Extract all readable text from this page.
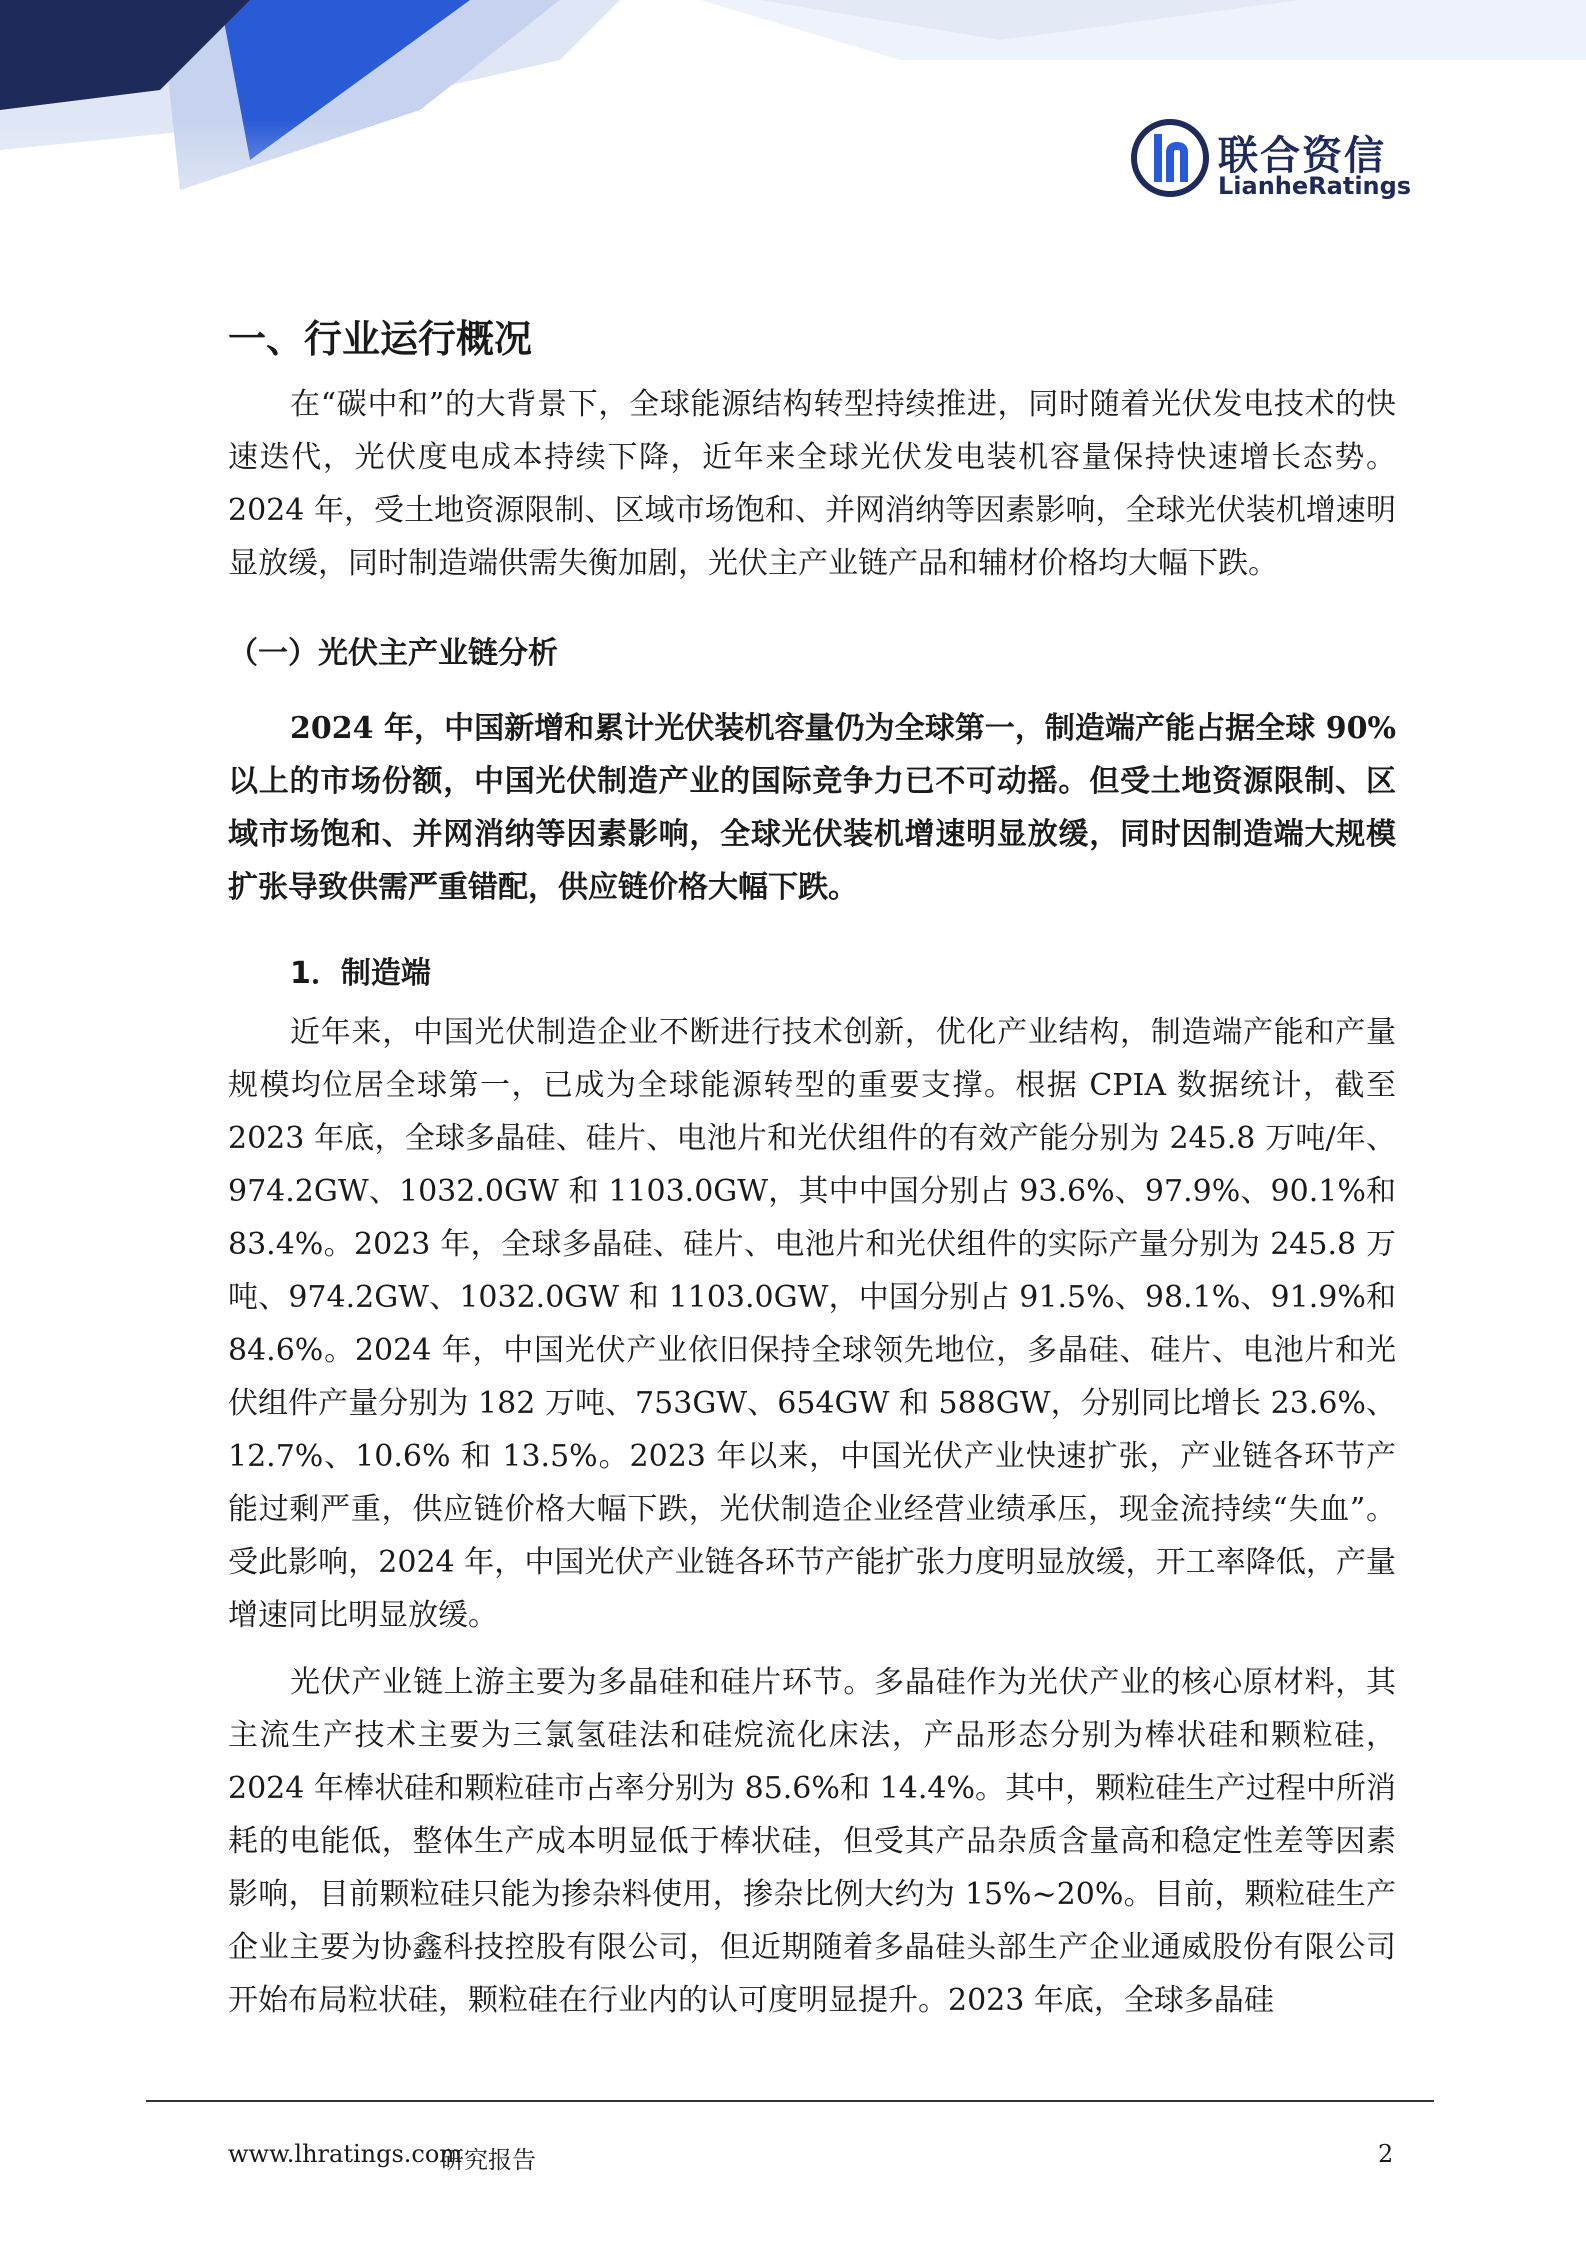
联合资信
LianheRatings
一、行业运行概况

在“碳中和”的大背景下，全球能源结构转型持续推进，同时随着光伏发电技术的快速迭代，光伏度电成本持续下降，近年来全球光伏发电装机容量保持快速增长态势。2024 年，受土地资源限制、区域市场饱和、并网消纳等因素影响，全球光伏装机增速明显放缓，同时制造端供需失衡加剧，光伏主产业链产品和辅材价格均大幅下跌。

（一）光伏主产业链分析

2024 年，中国新增和累计光伏装机容量仍为全球第一，制造端产能占据全球 90% 以上的市场份额，中国光伏制造产业的国际竞争力已不可动摇。但受土地资源限制、区域市场饱和、并网消纳等因素影响，全球光伏装机增速明显放缓，同时因制造端大规模扩张导致供需严重错配，供应链价格大幅下跌。

1．制造端

近年来，中国光伏制造企业不断进行技术创新，优化产业结构，制造端产能和产量规模均位居全球第一，已成为全球能源转型的重要支撑。根据 CPIA 数据统计，截至 2023 年底，全球多晶硅、硅片、电池片和光伏组件的有效产能分别为 245.8 万吨/年、974.2GW、1032.0GW 和 1103.0GW，其中中国分别占 93.6%、97.9%、90.1%和 83.4%。2023 年，全球多晶硅、硅片、电池片和光伏组件的实际产量分别为 245.8 万吨、974.2GW、1032.0GW 和 1103.0GW，中国分别占 91.5%、98.1%、91.9%和 84.6%。2024 年，中国光伏产业依旧保持全球领先地位，多晶硅、硅片、电池片和光伏组件产量分别为 182 万吨、753GW、654GW 和 588GW，分别同比增长 23.6%、12.7%、10.6% 和 13.5%。2023 年以来，中国光伏产业快速扩张，产业链各环节产能过剩严重，供应链价格大幅下跌，光伏制造企业经营业绩承压，现金流持续“失血”。受此影响，2024 年，中国光伏产业链各环节产能扩张力度明显放缓，开工率降低，产量增速同比明显放缓。

光伏产业链上游主要为多晶硅和硅片环节。多晶硅作为光伏产业的核心原材料，其主流生产技术主要为三氯氢硅法和硅烷流化床法，产品形态分别为棒状硅和颗粒硅，2024 年棒状硅和颗粒硅市占率分别为 85.6%和 14.4%。其中，颗粒硅生产过程中所消耗的电能低，整体生产成本明显低于棒状硅，但受其产品杂质含量高和稳定性差等因素影响，目前颗粒硅只能为掺杂料使用，掺杂比例大约为 15%~20%。目前，颗粒硅生产企业主要为协鑫科技控股有限公司，但近期随着多晶硅头部生产企业通威股份有限公司开始布局粒状硅，颗粒硅在行业内的认可度明显提升。2023 年底，全球多晶硅

www.lhratings.com
研究报告	2
